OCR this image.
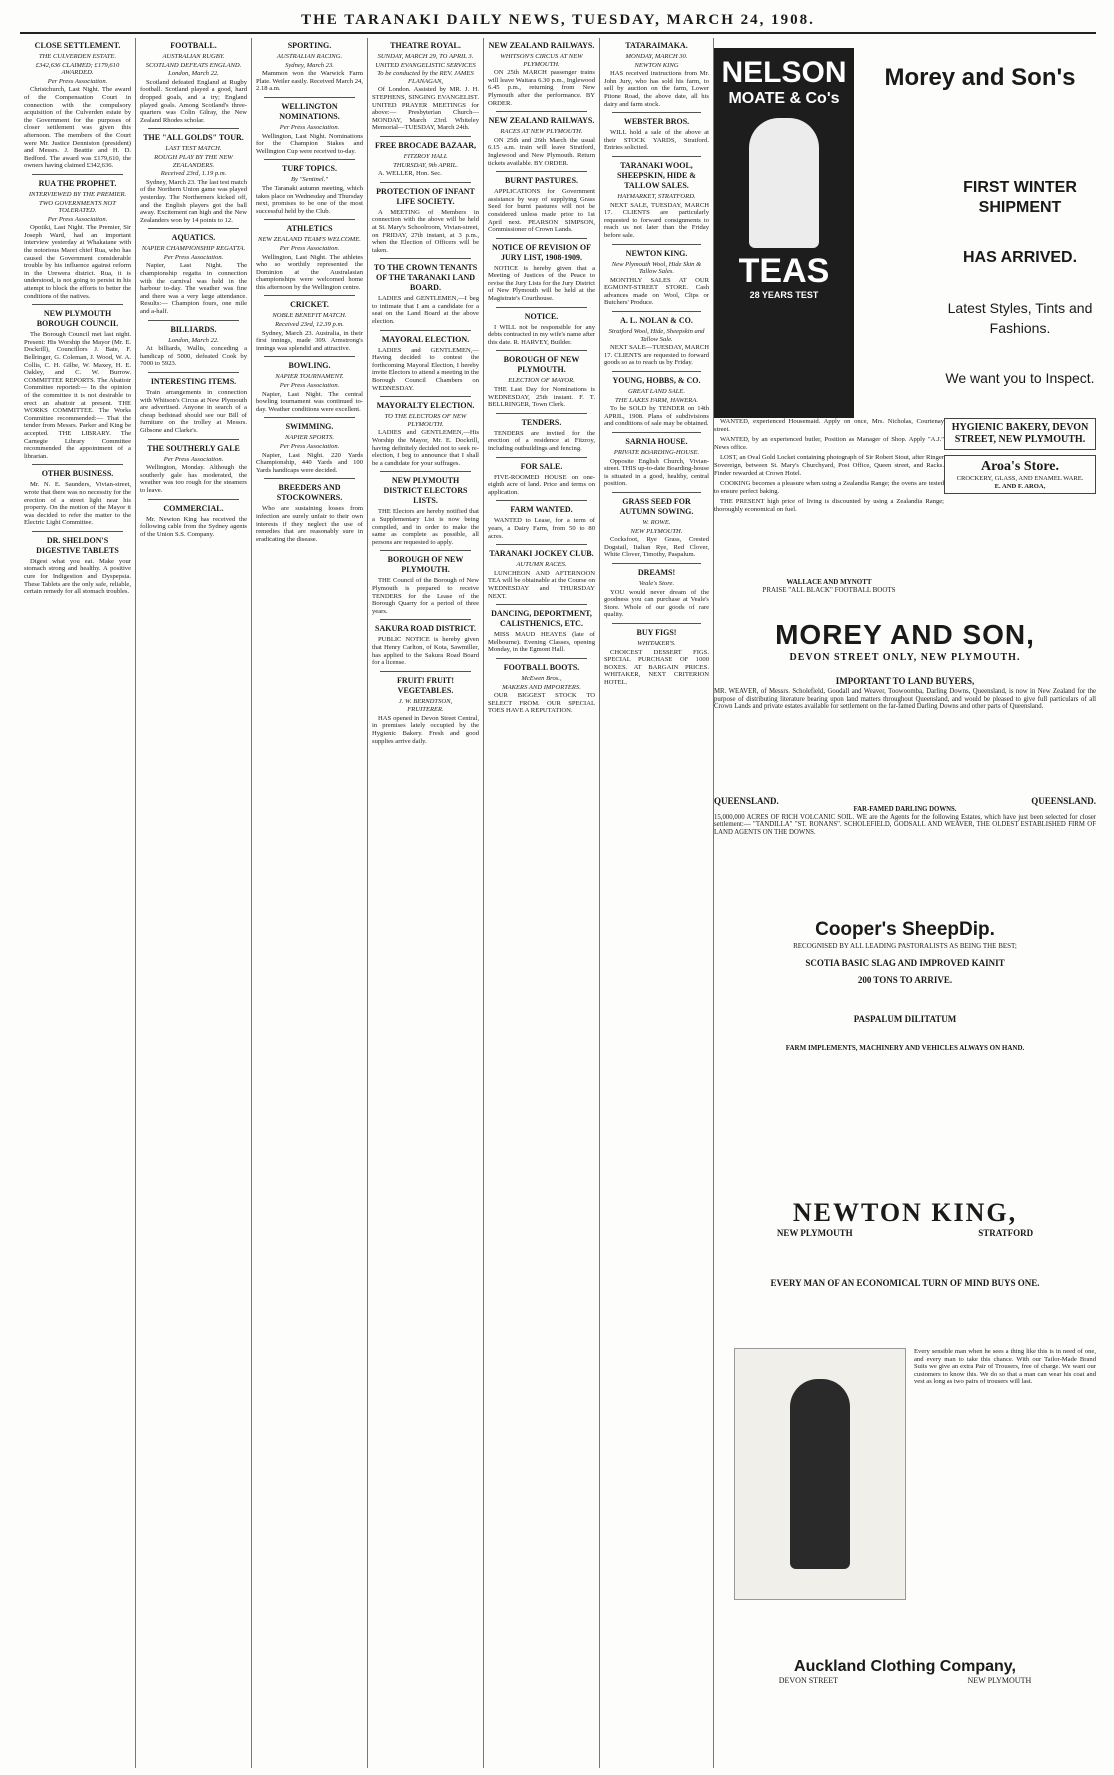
THE TARANAKI DAILY NEWS, TUESDAY, MARCH 24, 1908.
CLOSE SETTLEMENT.
THE CULVERDEN ESTATE.
£342,636 CLAIMED; £179,610 AWARDED.
Per Press Association.
Christchurch, Last Night. The award of the Compensation Court in connection with the compulsory acquisition of the Culverden estate by the Government for the purposes of closer settlement was given this afternoon. The members of the Court were Mr. Justice Denniston (president) and Messrs. J. Beattie and H. D. Bedford. The award was £179,610, the owners having claimed £342,636.
RUA THE PROPHET.
INTERVIEWED BY THE PREMIER.
TWO GOVERNMENTS NOT TOLERATED.
Per Press Association.
Opotiki, Last Night. The Premier, Sir Joseph Ward, had an important interview yesterday at Whakatane with the notorious Maori chief Rua, who has caused the Government considerable trouble by his influence against reform in the Urewera district. Rua, it is understood, is not going to persist in his attempt to block the efforts to better the conditions of the natives.
NEW PLYMOUTH BOROUGH COUNCIL
The Borough Council met last night. Present: His Worship the Mayor (Mr. E. Dockrill), Councillors J. Bate, F. Bellringer, G. Coleman, J. Wood, W. A. Collis, C. H. Gilbe, W. Maxey, H. E. Oakley, and C. W. Burrow. COMMITTEE REPORTS. The Abattoir Committee reported:— In the opinion of the committee it is not desirable to erect an abattoir at present. THE WORKS COMMITTEE. The Works Committee recommended:— That the tender from Messrs. Parker and King be accepted. THE LIBRARY. The Carnegie Library Committee recommended the appointment of a librarian.
OTHER BUSINESS.
Mr. N. E. Saunders, Vivian-street, wrote that there was no necessity for the erection of a street light near his property. On the motion of the Mayor it was decided to refer the matter to the Electric Light Committee.
DR. SHELDON'S DIGESTIVE TABLETS
Digest what you eat. Make your stomach strong and healthy. A positive cure for Indigestion and Dyspepsia. These Tablets are the only safe, reliable, certain remedy for all stomach troubles.
FOOTBALL.
AUSTRALIAN RUGBY.
SCOTLAND DEFEATS ENGLAND.
London, March 22.
Scotland defeated England at Rugby football. Scotland played a good, hard dropped goals, and a try; England played goals. Among Scotland's three-quarters was Colin Gilray, the New Zealand Rhodes scholar.
THE "ALL GOLDS" TOUR.
LAST TEST MATCH.
ROUGH PLAY BY THE NEW ZEALANDERS.
Received 23rd, 1.19 p.m.
Sydney, March 23. The last test match of the Northern Union game was played yesterday. The Northerners kicked off, and the English players got the ball away. Excitement ran high and the New Zealanders won by 14 points to 12.
AQUATICS.
NAPIER CHAMPIONSHIP REGATTA.
Per Press Association.
Napier, Last Night. The championship regatta in connection with the carnival was held in the harbour to-day. The weather was fine and there was a very large attendance. Results:— Champion fours, one mile and a-half.
BILLIARDS.
London, March 22.
At billiards, Wallis, conceding a handicap of 5000, defeated Cook by 7000 to 5923.
INTERESTING ITEMS.
Train arrangements in connection with Whitson's Circus at New Plymouth are advertised. Anyone in search of a cheap bedstead should see our Bill of furniture on the trolley at Messrs. Gibsone and Clarke's.
THE SOUTHERLY GALE
Per Press Association.
Wellington, Monday. Although the southerly gale has moderated, the weather was too rough for the steamers to leave.
COMMERCIAL.
Mr. Newton King has received the following cable from the Sydney agents of the Union S.S. Company.
SPORTING.
AUSTRALIAN RACING.
Sydney, March 23.
Mammon won the Warwick Farm Plate. Weiler easily. Received March 24, 2.18 a.m.
WELLINGTON NOMINATIONS.
Per Press Association.
Wellington, Last Night. Nominations for the Champion Stakes and Wellington Cup were received to-day.
TURF TOPICS.
By "Sentinel."
The Taranaki autumn meeting, which takes place on Wednesday and Thursday next, promises to be one of the most successful held by the Club.
ATHLETICS
NEW ZEALAND TEAM'S WELCOME.
Per Press Association.
Wellington, Last Night. The athletes who so worthily represented the Dominion at the Australasian championships were welcomed home this afternoon by the Wellington centre.
CRICKET.
NOBLE BENEFIT MATCH.
Received 23rd, 12.39 p.m.
Sydney, March 23. Australia, in their first innings, made 309. Armstrong's innings was splendid and attractive.
BOWLING.
NAPIER TOURNAMENT.
Per Press Association.
Napier, Last Night. The central bowling tournament was continued to-day. Weather conditions were excellent.
SWIMMING.
NAPIER SPORTS.
Per Press Association.
Napier, Last Night. 220 Yards Championship, 440 Yards and 100 Yards handicaps were decided.
BREEDERS AND STOCKOWNERS.
Who are sustaining losses from infection are surely unfair to their own interests if they neglect the use of remedies that are reasonably sure in eradicating the disease.
THEATRE ROYAL.
SUNDAY, MARCH 29, TO APRIL 3.
UNITED EVANGELISTIC SERVICES
To be conducted by the REV. JAMES FLANAGAN,
Of London. Assisted by MR. J. H. STEPHENS, SINGING EVANGELIST. UNITED PRAYER MEETINGS for above:— Presbyterian Church—MONDAY, March 23rd. Whiteley Memorial—TUESDAY, March 24th.
FREE BROCADE BAZAAR,
FITZROY HALL
THURSDAY, 9th APRIL.
A. WELLER, Hon. Sec.
PROTECTION OF INFANT LIFE SOCIETY.
A MEETING of Members in connection with the above will be held at St. Mary's Schoolroom, Vivian-street, on FRIDAY, 27th instant, at 3 p.m., when the Election of Officers will be taken.
TO THE CROWN TENANTS OF THE TARANAKI LAND BOARD.
LADIES and GENTLEMEN,—I beg to intimate that I am a candidate for a seat on the Land Board at the above election.
MAYORAL ELECTION.
LADIES and GENTLEMEN,—Having decided to contest the forthcoming Mayoral Election, I hereby invite Electors to attend a meeting in the Borough Council Chambers on WEDNESDAY.
MAYORALTY ELECTION.
TO THE ELECTORS OF NEW PLYMOUTH.
LADIES and GENTLEMEN,—His Worship the Mayor, Mr. E. Dockrill, having definitely decided not to seek re-election, I beg to announce that I shall be a candidate for your suffrages.
NEW PLYMOUTH DISTRICT ELECTORS LISTS.
THE Electors are hereby notified that a Supplementary List is now being compiled, and in order to make the same as complete as possible, all persons are requested to apply.
BOROUGH OF NEW PLYMOUTH.
THE Council of the Borough of New Plymouth is prepared to receive TENDERS for the Lease of the Borough Quarry for a period of three years.
SAKURA ROAD DISTRICT.
PUBLIC NOTICE is hereby given that Henry Carlton, of Kota, Sawmiller, has applied to the Sakura Road Board for a license.
FRUIT! FRUIT! VEGETABLES.
J. W. BERNDTSON,
FRUITERER.
HAS opened in Devon Street Central, in premises lately occupied by the Hygienic Bakery. Fresh and good supplies arrive daily.
NEW ZEALAND RAILWAYS.
WHITSON'S CIRCUS AT NEW PLYMOUTH.
ON 25th MARCH passenger trains will leave Waitara 6.30 p.m., Inglewood 6.45 p.m., returning from New Plymouth after the performance. BY ORDER.
NEW ZEALAND RAILWAYS.
RACES AT NEW PLYMOUTH.
ON 25th and 26th March the usual 6.15 a.m. train will leave Stratford, Inglewood and New Plymouth. Return tickets available. BY ORDER.
BURNT PASTURES.
APPLICATIONS for Government assistance by way of supplying Grass Seed for burnt pastures will not be considered unless made prior to 1st April next. PEARSON SIMPSON, Commissioner of Crown Lands.
NOTICE OF REVISION OF JURY LIST, 1908-1909.
NOTICE is hereby given that a Meeting of Justices of the Peace to revise the Jury Lists for the Jury District of New Plymouth will be held at the Magistrate's Courthouse.
NOTICE.
I WILL not be responsible for any debts contracted in my wife's name after this date. R. HARVEY, Builder.
BOROUGH OF NEW PLYMOUTH.
ELECTION OF MAYOR.
THE Last Day for Nominations is WEDNESDAY, 25th instant. F. T. BELLRINGER, Town Clerk.
TENDERS.
TENDERS are invited for the erection of a residence at Fitzroy, including outbuildings and fencing.
FOR SALE.
FIVE-ROOMED HOUSE on one-eighth acre of land. Price and terms on application.
FARM WANTED.
WANTED to Lease, for a term of years, a Dairy Farm, from 50 to 80 acres.
TARANAKI JOCKEY CLUB.
AUTUMN RACES.
LUNCHEON AND AFTERNOON TEA will be obtainable at the Course on WEDNESDAY and THURSDAY NEXT.
DANCING, DEPORTMENT, CALISTHENICS, ETC.
MISS MAUD HEAYES (late of Melbourne). Evening Classes, opening Monday, in the Egmont Hall.
FOOTBALL BOOTS.
McEwen Bros.,
MAKERS AND IMPORTERS.
OUR BIGGEST STOCK TO SELECT FROM. OUR SPECIAL TOES HAVE A REPUTATION.
TATARAIMAKA.
MONDAY, MARCH 30.
NEWTON KING
HAS received instructions from Mr. John Jury, who has sold his farm, to sell by auction on the farm, Lower Pitone Road, the above date, all his dairy and farm stock.
WEBSTER BROS.
WILL hold a sale of the above at their STOCK YARDS, Stratford. Entries solicited.
TARANAKI WOOL, SHEEPSKIN, HIDE & TALLOW SALES.
HAYMARKET, STRATFORD.
NEXT SALE, TUESDAY, MARCH 17. CLIENTS are particularly requested to forward consignments to reach us not later than the Friday before sale.
NEWTON KING.
New Plymouth Wool, Hide Skin & Tallow Sales.
MONTHLY SALES AT OUR EGMONT-STREET STORE. Cash advances made on Wool, Clips or Butchers' Produce.
A. L. NOLAN & CO.
Stratford Wool, Hide, Sheepskin and Tallow Sale.
NEXT SALE—TUESDAY, MARCH 17. CLIENTS are requested to forward goods so as to reach us by Friday.
YOUNG, HOBBS, & CO.
GREAT LAND SALE.
THE LAKES FARM, HAWERA.
To be SOLD by TENDER on 14th APRIL, 1908. Plans of subdivisions and conditions of sale may be obtained.
SARNIA HOUSE.
PRIVATE BOARDING-HOUSE.
Opposite English Church, Vivian-street. THIS up-to-date Boarding-house is situated in a good, healthy, central position.
GRASS SEED FOR AUTUMN SOWING.
W. ROWE.
NEW PLYMOUTH.
Cocksfoot, Rye Grass, Crested Dogstail, Italian Rye, Red Clover, White Clover, Timothy, Paspalum.
DREAMS!
Veale's Store.
YOU would never dream of the goodness you can purchase at Veale's Store. Whole of our goods of rare quality.
BUY FIGS!
WHITAKER'S.
CHOICEST DESSERT FIGS. SPECIAL PURCHASE OF 1000 BOXES. AT BARGAIN PRICES. WHITAKER, NEXT CRITERION HOTEL.
NELSON
MOATE & Co's
TEAS
28 YEARS TEST
Morey and Son's
FIRST WINTER SHIPMENT
HAS ARRIVED.
Latest Styles, Tints and Fashions.
We want you to Inspect.
WANTED, experienced Housemaid. Apply on once, Mrs. Nicholas, Courtenay street.
WANTED, by an experienced butler, Position as Manager of Shop. Apply "A.J." News office.
LOST, an Oval Gold Locket containing photograph of Sir Robert Stout, after Ringer Sovereign, between St. Mary's Churchyard, Post Office, Queen street, and Racks. Finder rewarded at Crown Hotel.
COOKING becomes a pleasure when using a Zealandia Range; the ovens are tested to ensure perfect baking.
THE PRESENT high price of living is discounted by using a Zealandia Range; thoroughly economical on fuel.
HYGIENIC BAKERY, DEVON STREET, NEW PLYMOUTH.
Aroa's Store.
CROCKERY, GLASS, AND ENAMEL WARE.
E. AND F. AROA,
WALLACE AND MYNOTT
PRAISE "ALL BLACK" FOOTBALL BOOTS
MOREY AND SON,
DEVON STREET ONLY, NEW PLYMOUTH.
IMPORTANT TO LAND BUYERS,
MR. WEAVER, of Messrs. Scholefield, Goodall and Weaver, Toowoomba, Darling Downs, Queensland, is now in New Zealand for the purpose of distributing literature bearing upon land matters throughout Queensland, and would be pleased to give full particulars of all Crown Lands and private estates available for settlement on the far-famed Darling Downs and other parts of Queensland.
QUEENSLAND.	QUEENSLAND.
FAR-FAMED DARLING DOWNS.
15,000,000 ACRES OF RICH VOLCANIC SOIL. WE are the Agents for the following Estates, which have just been selected for closer settlement:— "TANDILLA" "ST. RONANS". SCHOLEFIELD, GODSALL AND WEAVER, THE OLDEST ESTABLISHED FIRM OF LAND AGENTS ON THE DOWNS.
Cooper's SheepDip.
RECOGNISED BY ALL LEADING PASTORALISTS AS BEING THE BEST;
SCOTIA BASIC SLAG AND IMPROVED KAINIT
200 TONS TO ARRIVE.
PASPALUM DILITATUM
FARM IMPLEMENTS, MACHINERY AND VEHICLES ALWAYS ON HAND.
NEWTON KING,
NEW PLYMOUTH	STRATFORD
EVERY MAN OF AN ECONOMICAL TURN OF MIND BUYS ONE.
Every sensible man when he sees a thing like this is in need of one, and every man to take this chance. With our Tailor-Made Brand Suits we give an extra Pair of Trousers, free of charge. We want our customers to know this. We do so that a man can wear his coat and vest as long as two pairs of trousers will last.
Auckland Clothing Company,
DEVON STREET	NEW PLYMOUTH
